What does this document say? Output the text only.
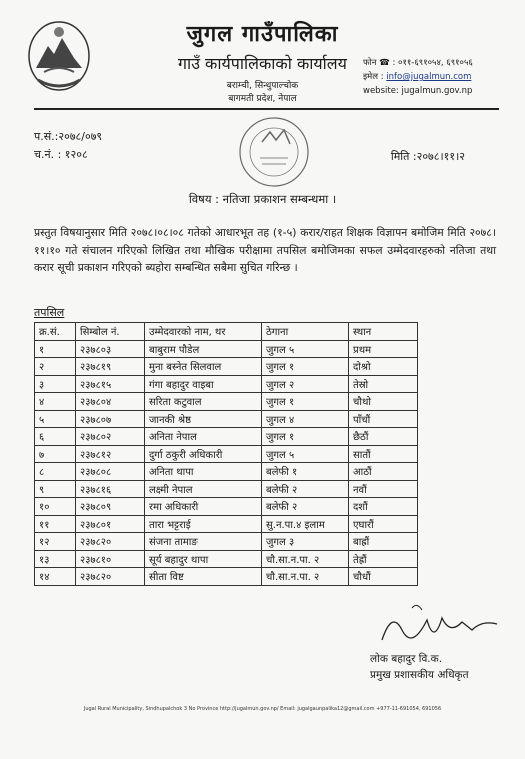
जुगल गाउँपालिका
गाउँ कार्यपालिकाको कार्यालय
बराम्ची, सिन्धुपाल्चोक
बागमती प्रदेश, नेपाल
फोन ☎ : ०११-६९१०५४, ६९१०५६
इमेल : info@jugalmun.com
website: jugalmun.gov.np
प.सं.:२०७८/०७९
च.नं. : १२०८	मिति :२०७८।११।२
विषय : नतिजा प्रकाशन सम्बन्धमा ।
प्रस्तुत विषयानुसार मिति २०७८।०८।०८ गतेको आधारभूत तह (१-५) करार/राहत शिक्षक विज्ञापन बमोजिम मिति २०७८।११।१० गते संचालन गरिएको लिखित तथा मौखिक परीक्षामा तपसिल बमोजिमका सफल उम्मेदवारहरुको नतिजा तथा करार सूची प्रकाशन गरिएको ब्यहोरा सम्बन्धित सबैमा सुचित गरिन्छ ।
तपसिल
क्र.सं.	सिम्बोल नं.	उम्मेदवारको नाम, थर	ठेगाना	स्थान
१	२३७८०३	बाबुराम पौडेल	जुगल ५	प्रथम
२	२३७८१९	मुना बस्नेत सिलवाल	जुगल १	दोश्रो
३	२३७८१५	गंगा बहादुर वाइबा	जुगल २	तेस्रो
४	२३७८०४	सरिता कटुवाल	जुगल १	चौथो
५	२३७८०७	जानकी श्रेष्ठ	जुगल ४	पाँचौं
६	२३७८०२	अनिता नेपाल	जुगल १	छैठौं
७	२३७८१२	दुर्गा ठकुरी अधिकारी	जुगल ५	सातौं
८	२३७८०८	अनिता थापा	बलेफी १	आठौं
९	२३७८१६	लक्ष्मी नेपाल	बलेफी २	नवौं
१०	२३७८०९	रमा अधिकारी	बलेफी २	दशौं
११	२३७८०१	तारा भट्टराई	सु.न.पा.४ इलाम	एघारौं
१२	२३७८२०	संजना तामाङ	जुगल ३	बाह्रौं
१३	२३७८१०	सूर्य बहादुर थापा	चौ.सा.न.पा. २	तेह्रौं
१४	२३७८२०	सीता विष्ट	चौ.सा.न.पा. २	चौधौं
लोक बहादुर वि.क.
प्रमुख प्रशासकीय अधिकृत
Jugal Rural Municipality, Sindhupalchok 3 No Province http://jugalmun.gov.np/ Email: jugalgaunpalika12@gmail.com +977-11-691054, 691056
